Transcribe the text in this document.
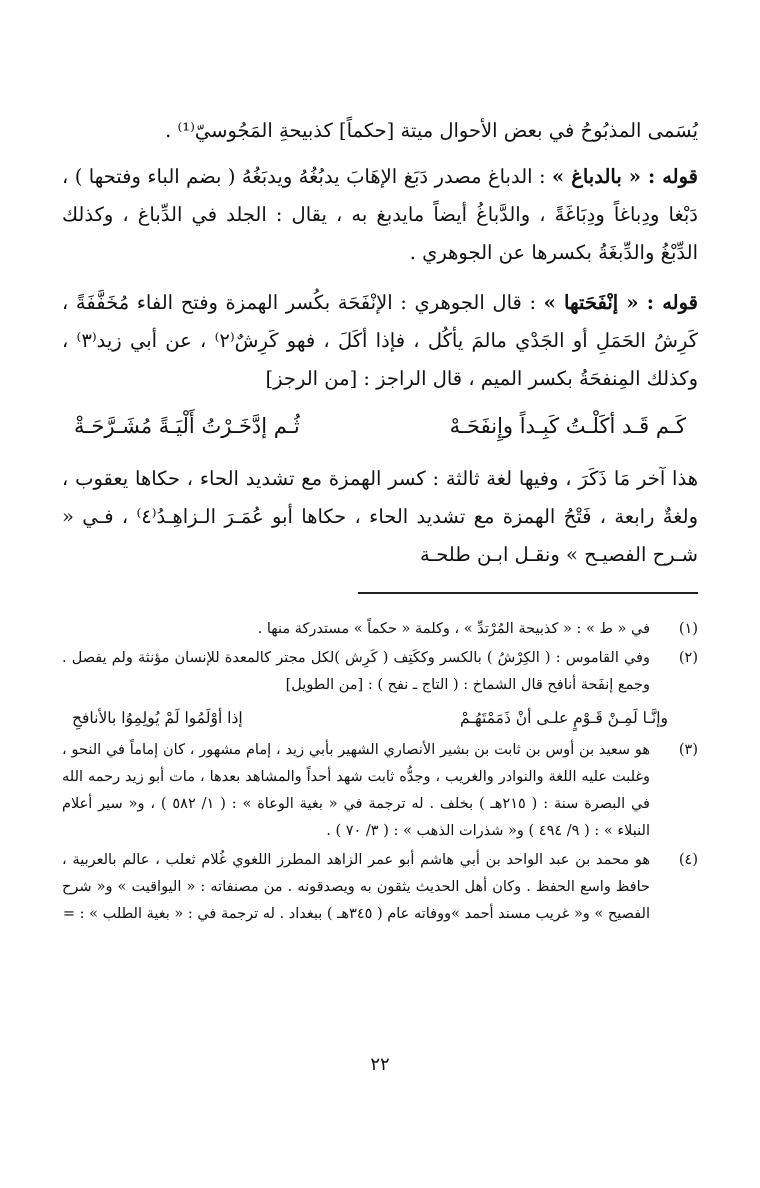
يُسَمى المذبُوحُ في بعض الأحوال ميتة [حكماً] كذبيحةِ المَجُوسيّ⁽¹⁾ .

قوله : « بالدباغ » : الدباغ مصدر دَبَغ الإهَابَ يدبُغُهُ ويدبَغُهُ ( بضم الباء وفتحها ) ، دَبْغا ودِباغاً ودِبَاغَةً ، والدَّباغُ أيضاً مايدبغ به ، يقال : الجلد في الدِّباغ ، وكذلك الدِّبْغُ والدِّبغَةُ بكسرها عن الجوهري .

قوله : « إنْفَحَتها » : قال الجوهري : الإنْفَحَة بكُسر الهمزة وفتح الفاء مُخَفَّفَةً ، كَرِشُ الحَمَلِ أو الجَدْي مالمَ يأكُل ، فإذا أكَلَ ، فهو كَرِشٌ⁽٢⁾ ، عن أبي زيد⁽٣⁾ ، وكذلك المِنفحَةُ بكسر الميم ، قال الراجز : [من الرجز]

كَـم قَـد أكَلْـتُ كَبِـداً وإِنفَحَـهْ
ثُـم إدَّخَـرْتُ أَلْيَـةً مُشَـرَّحَـةْ

هذا آخر مَا ذَكَرَ ، وفيها لغة ثالثة : كسر الهمزة مع تشديد الحاء ، حكاها يعقوب ، ولغةٌ رابعة ، فَتْحُ الهمزة مع تشديد الحاء ، حكاها أبو عُمَـرَ الـزاهِـدُ⁽٤⁾ ، فـي « شـرح الفصيـح » ونقـل ابـن طلحـة

(١)
في « ط » : « كذبيحة المُرْتدِّ » ، وكلمة « حكماً » مستدركة منها .
(٢)
وفي القاموس : ( الكِرْشُ ) بالكسر وككَتِف ( كَرِش )لكل مجتر كالمعدة للإنسان مؤنثة ولم يفصل . وجمع إنفَحة أنافح قال الشماخ : ( التاج ـ نفح ) : [من الطويل]
وإنَّـا لَمِـنْ قَـوْمٍ علـى أنْ ذَمَمْتَهُـمْ
إذا أوْلَمُوا لَمْ يُولِمِوُا بالأنافحِ
(٣)
هو سعيد بن أوس بن ثابت بن بشير الأنصاري الشهير بأبي زيد ، إمام مشهور ، كان إماماً في النحو ، وغلبت عليه اللغة والنوادر والغريب ، وجدُّه ثابت شهد أحداً والمشاهد بعدها ، مات أبو زيد رحمه الله في البصرة سنة : ( ٢١٥هـ ) بخلف . له ترجمة في « بغية الوعاة » : ( ١/ ٥٨٢ ) ، و« سير أعلام النبلاء » : ( ٩/ ٤٩٤ ) و« شذرات الذهب » : ( ٣/ ٧٠ ) .
(٤)
هو محمد بن عبد الواحد بن أبي هاشم أبو عمر الزاهد المطرز اللغوي غُلام ثعلب ، عالم بالعربية ، حافظ واسع الحفظ . وكان أهل الحديث يثقون به ويصدقونه . من مصنفاته : « اليواقيت » و« شرح الفصيح » و« غريب مسند أحمد »ووفاته عام ( ٣٤٥هـ ) ببغداد . له ترجمة في : « بغية الطلب » : =
٢٢
